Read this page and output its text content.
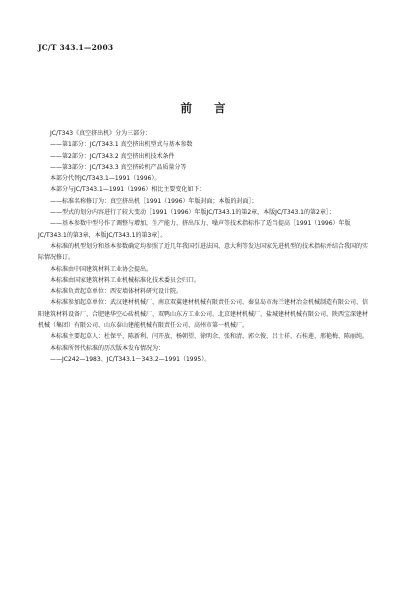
JC/T 343.1—2003
前 言

JC/T343《真空挤出机》分为三部分：

——第1部分：JC/T343.1 真空挤出机型式与基本参数

——第2部分：JC/T343.2 真空挤出机技术条件

——第3部分：JC/T343.3 真空挤砖机产品质量分等

本部分代替JC/T343.1—1991（1996）。

本部分与JC/T343.1—1991（1996）相比主要变化如下：

——标准名称修订为：真空挤出机［1991（1996）年版封面；本版的封面］；

——型式的划分内容进行了较大变动［1991（1996）年版JC/T343.1的第2章，本版JC/T343.1的第2章］；

——基本参数中型号作了调整与增加，生产能力、挤出压力、噪声等技术指标作了适当提高［1991（1996）年版JC/T343.1的第3章，本版JC/T343.1的第3章］。

本标准的机型划分和基本参数确定均参照了近几年我国引进法国、意大利等发达国家先进机型的技术指标并结合我国的实际情况修订。

本标准由中国建筑材料工业协会提出。

本标准由国家建筑材料工业机械标准化技术委员会归口。

本标准负责起草单位：西安墙体材料研究设计院。

本标准参加起草单位：武汉建材机械厂、南京双翼建材机械有限责任公司、秦皇岛市海兰建材冶金机械制造有限公司、信阳建筑材料设备厂、合肥建华空心砖机械厂、双鸭山东方工业公司、北京建材机械厂、盐城建材机械有限公司、陕西宝深建材机械（集团）有限公司、山东泰山建能机械有限责任公司、高州市第一机械厂。

本标准主要起草人：杜保平、陈新利、闫开放、杨朝望、徐明余、张和清、郭立俊、吕士祥、石桂莲、邢艳梅、陈丽纯。

本标准所替代标准的历次版本发布情况为：

——JC242—1983、JC/T343.1～343.2—1991（1995）。
